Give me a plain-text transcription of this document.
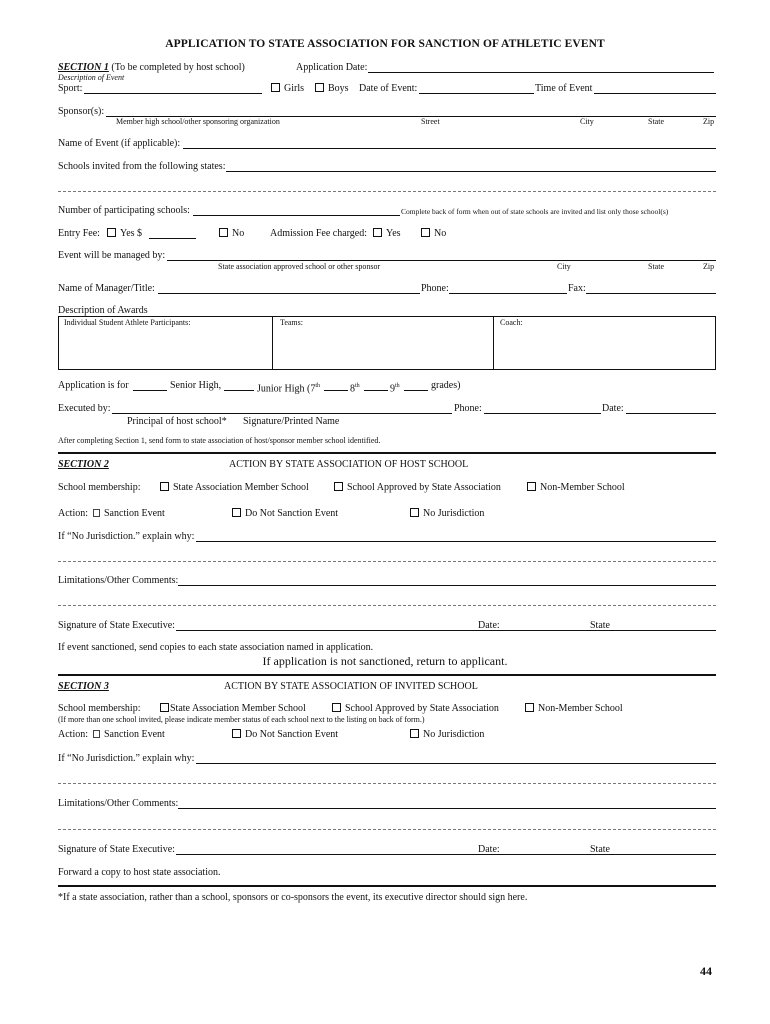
APPLICATION TO STATE ASSOCIATION FOR SANCTION OF ATHLETIC EVENT
SECTION 1 (To be completed by host school)	Application Date:
Description of Event
Sport:	Girls	Boys Date of Event:	Time of Event
Sponsor(s):
Member high school/other sponsoring organization	Street	City	State	Zip
Name of Event (if applicable):
Schools invited from the following states:
Number of participating schools:	Complete back of form when out of state schools are invited and list only those school(s)
Entry Fee:	Yes $	No	Admission Fee charged:	Yes	No
Event will be managed by:
State association approved school or other sponsor	City	State	Zip
Name of Manager/Title:	Phone:	Fax:
Description of Awards
Individual Student Athlete Participants:	Teams:	Coach:
Application is for	Senior High,	Junior High (7th	8th	9th	grades)
Executed by:	Phone:	Date:
Principal of host school* Signature/Printed Name
After completing Section 1, send form to state association of host/sponsor member school identified.
SECTION 2	ACTION BY STATE ASSOCIATION OF HOST SCHOOL
School membership:	State Association Member School	School Approved by State Association	Non-Member School
Action:	Sanction Event	Do Not Sanction Event	No Jurisdiction
If “No Jurisdiction.” explain why:
Limitations/Other Comments:
Signature of State Executive:	Date:	State
If event sanctioned, send copies to each state association named in application.
If application is not sanctioned, return to applicant.
SECTION 3	ACTION BY STATE ASSOCIATION OF INVITED SCHOOL
School membership:	State Association Member School	School Approved by State Association	Non-Member School
(If more than one school invited, please indicate member status of each school next to the listing on back of form.)
Action:	Sanction Event	Do Not Sanction Event	No Jurisdiction
If “No Jurisdiction.” explain why:
Limitations/Other Comments:
Signature of State Executive:	Date:	State
Forward a copy to host state association.
*If a state association, rather than a school, sponsors or co-sponsors the event, its executive director should sign here.
44
